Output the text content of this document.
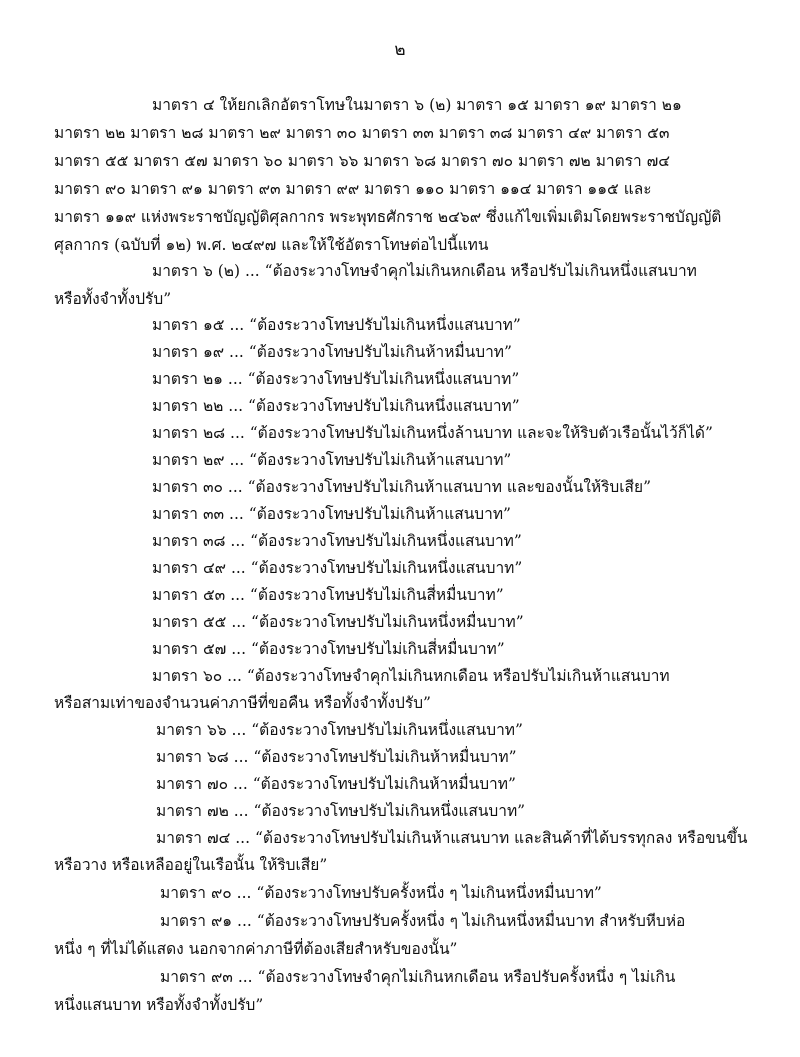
๒
มาตรา ๔ ให้ยกเลิกอัตราโทษในมาตรา ๖ (๒) มาตรา ๑๕ มาตรา ๑๙ มาตรา ๒๑
มาตรา ๒๒ มาตรา ๒๘ มาตรา ๒๙ มาตรา ๓๐ มาตรา ๓๓ มาตรา ๓๘ มาตรา ๔๙ มาตรา ๕๓
มาตรา ๕๕ มาตรา ๕๗ มาตรา ๖๐ มาตรา ๖๖ มาตรา ๖๘ มาตรา ๗๐ มาตรา ๗๒ มาตรา ๗๔
มาตรา ๙๐ มาตรา ๙๑ มาตรา ๙๓ มาตรา ๙๙ มาตรา ๑๑๐ มาตรา ๑๑๔ มาตรา ๑๑๕ และ
มาตรา ๑๑๙ แห่งพระราชบัญญัติศุลกากร พระพุทธศักราช ๒๔๖๙ ซึ่งแก้ไขเพิ่มเติมโดยพระราชบัญญัติ
ศุลกากร (ฉบับที่ ๑๒) พ.ศ. ๒๔๙๗ และให้ใช้อัตราโทษต่อไปนี้แทน
มาตรา ๖ (๒) ... “ต้องระวางโทษจำคุกไม่เกินหกเดือน หรือปรับไม่เกินหนึ่งแสนบาท
หรือทั้งจำทั้งปรับ”
มาตรา ๑๕ ... “ต้องระวางโทษปรับไม่เกินหนึ่งแสนบาท”
มาตรา ๑๙ ... “ต้องระวางโทษปรับไม่เกินห้าหมื่นบาท”
มาตรา ๒๑ ... “ต้องระวางโทษปรับไม่เกินหนึ่งแสนบาท”
มาตรา ๒๒ ... “ต้องระวางโทษปรับไม่เกินหนึ่งแสนบาท”
มาตรา ๒๘ ... “ต้องระวางโทษปรับไม่เกินหนึ่งล้านบาท และจะให้ริบตัวเรือนั้นไว้ก็ได้”
มาตรา ๒๙ ... “ต้องระวางโทษปรับไม่เกินห้าแสนบาท”
มาตรา ๓๐ ... “ต้องระวางโทษปรับไม่เกินห้าแสนบาท และของนั้นให้ริบเสีย”
มาตรา ๓๓ ... “ต้องระวางโทษปรับไม่เกินห้าแสนบาท”
มาตรา ๓๘ ... “ต้องระวางโทษปรับไม่เกินหนึ่งแสนบาท”
มาตรา ๔๙ ... “ต้องระวางโทษปรับไม่เกินหนึ่งแสนบาท”
มาตรา ๕๓ ... “ต้องระวางโทษปรับไม่เกินสี่หมื่นบาท”
มาตรา ๕๕ ... “ต้องระวางโทษปรับไม่เกินหนึ่งหมื่นบาท”
มาตรา ๕๗ ... “ต้องระวางโทษปรับไม่เกินสี่หมื่นบาท”
มาตรา ๖๐ ... “ต้องระวางโทษจำคุกไม่เกินหกเดือน หรือปรับไม่เกินห้าแสนบาท
หรือสามเท่าของจำนวนค่าภาษีที่ขอคืน หรือทั้งจำทั้งปรับ”
มาตรา ๖๖ ... “ต้องระวางโทษปรับไม่เกินหนึ่งแสนบาท”
มาตรา ๖๘ ... “ต้องระวางโทษปรับไม่เกินห้าหมื่นบาท”
มาตรา ๗๐ ... “ต้องระวางโทษปรับไม่เกินห้าหมื่นบาท”
มาตรา ๗๒ ... “ต้องระวางโทษปรับไม่เกินหนึ่งแสนบาท”
มาตรา ๗๔ ... “ต้องระวางโทษปรับไม่เกินห้าแสนบาท และสินค้าที่ได้บรรทุกลง หรือขนขึ้น
หรือวาง หรือเหลืออยู่ในเรือนั้น ให้ริบเสีย”
มาตรา ๙๐ ... “ต้องระวางโทษปรับครั้งหนึ่ง ๆ ไม่เกินหนึ่งหมื่นบาท”
มาตรา ๙๑ ... “ต้องระวางโทษปรับครั้งหนึ่ง ๆ ไม่เกินหนึ่งหมื่นบาท สำหรับหีบห่อ
หนึ่ง ๆ ที่ไม่ได้แสดง นอกจากค่าภาษีที่ต้องเสียสำหรับของนั้น”
มาตรา ๙๓ ... “ต้องระวางโทษจำคุกไม่เกินหกเดือน หรือปรับครั้งหนึ่ง ๆ ไม่เกิน
หนึ่งแสนบาท หรือทั้งจำทั้งปรับ”
